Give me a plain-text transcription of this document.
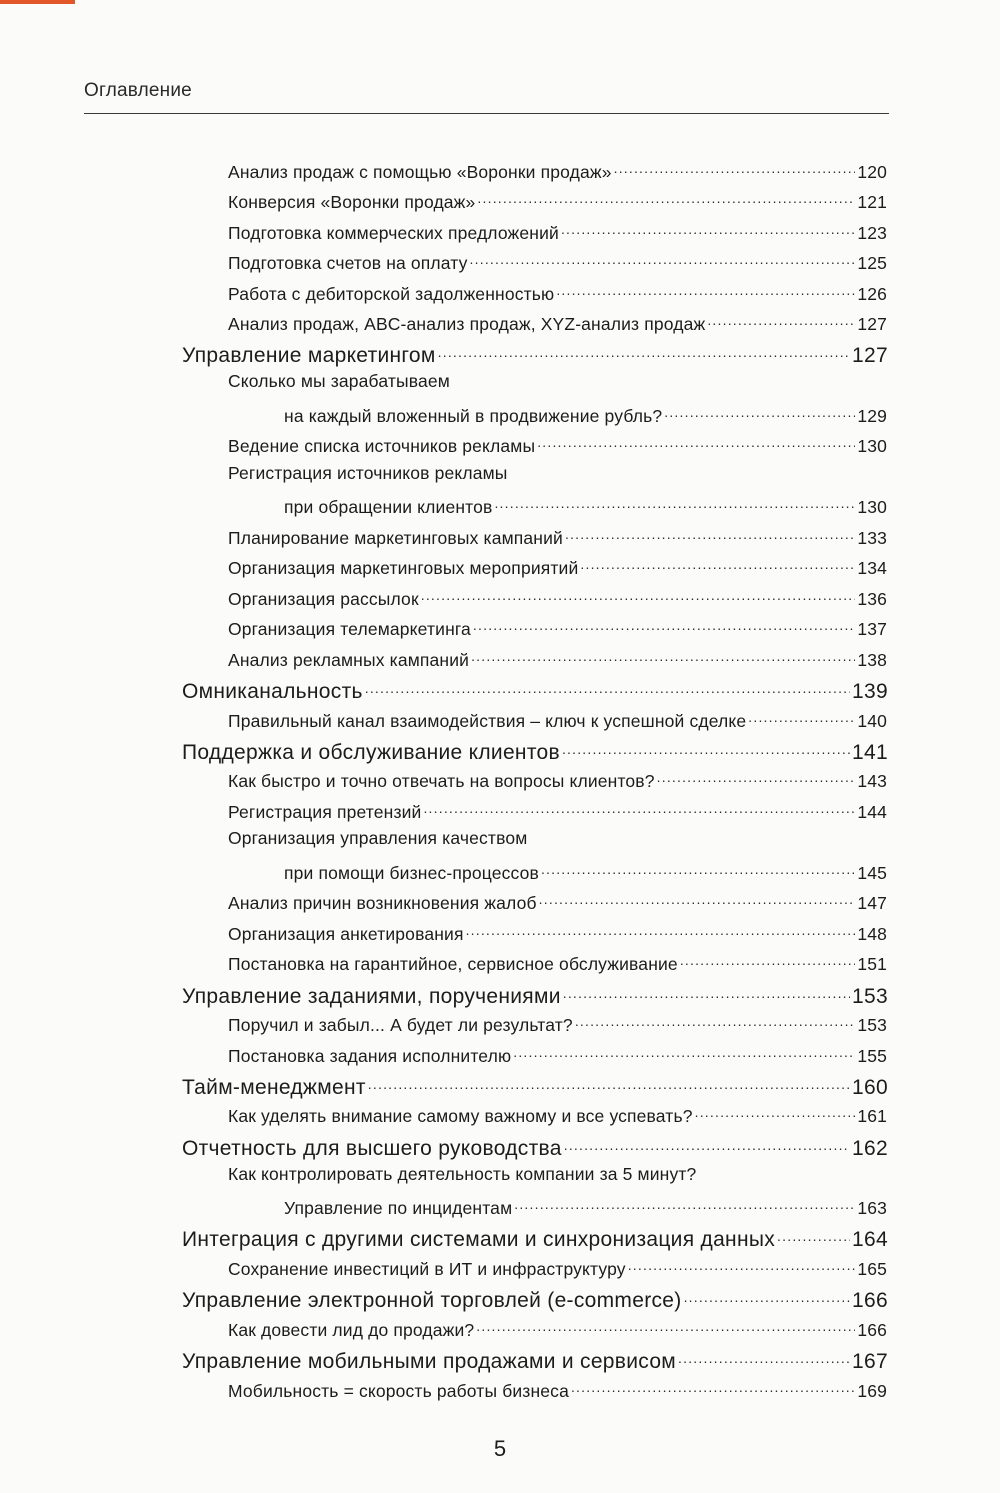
Оглавление
Анализ продаж с помощью «Воронки продаж» .....	120
Конверсия «Воронки продаж» .....	121
Подготовка коммерческих предложений .....	123
Подготовка счетов на оплату .....	125
Работа с дебиторской задолженностью .....	126
Анализ продаж, ABC-анализ продаж, XYZ-анализ продаж .....	127
Управление маркетингом .....	127
Сколько мы зарабатываем
на каждый вложенный в продвижение рубль? .....	129
Ведение списка источников рекламы .....	130
Регистрация источников рекламы
при обращении клиентов .....	130
Планирование маркетинговых кампаний .....	133
Организация маркетинговых мероприятий .....	134
Организация рассылок .....	136
Организация телемаркетинга .....	137
Анализ рекламных кампаний .....	138
Омниканальность .....	139
Правильный канал взаимодействия – ключ к успешной сделке .....	140
Поддержка и обслуживание клиентов .....	141
Как быстро и точно отвечать на вопросы клиентов? .....	143
Регистрация претензий .....	144
Организация управления качеством
при помощи бизнес-процессов .....	145
Анализ причин возникновения жалоб .....	147
Организация анкетирования .....	148
Постановка на гарантийное, сервисное обслуживание .....	151
Управление заданиями, поручениями .....	153
Поручил и забыл... А будет ли результат? .....	153
Постановка задания исполнителю .....	155
Тайм-менеджмент .....	160
Как уделять внимание самому важному и все успевать? .....	161
Отчетность для высшего руководства .....	162
Как контролировать деятельность компании за 5 минут?
Управление по инцидентам .....	163
Интеграция с другими системами и синхронизация данных .....	164
Сохранение инвестиций в ИТ и инфраструктуру .....	165
Управление электронной торговлей (e-commerce) .....	166
Как довести лид до продажи? .....	166
Управление мобильными продажами и сервисом .....	167
Мобильность = скорость работы бизнеса .....	169
5
